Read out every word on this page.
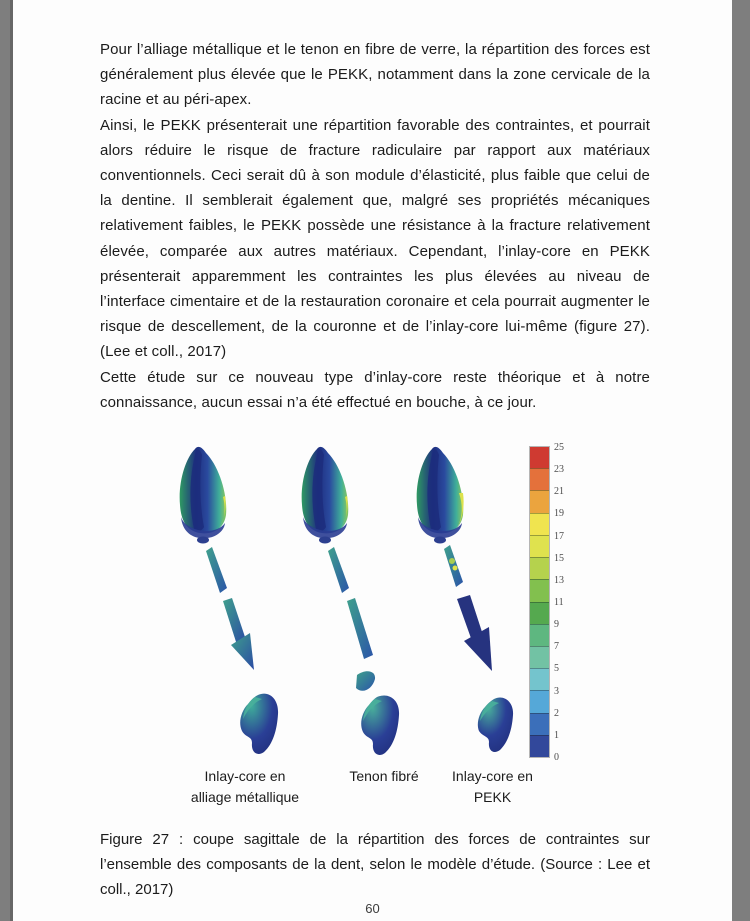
Pour l’alliage métallique et le tenon en fibre de verre, la répartition des forces est généralement plus élevée que le PEKK, notamment dans la zone cervicale de la racine et au péri-apex.

Ainsi, le PEKK présenterait une répartition favorable des contraintes, et pourrait alors réduire le risque de fracture radiculaire par rapport aux matériaux conventionnels. Ceci serait dû à son module d’élasticité, plus faible que celui de la dentine. Il semblerait également que, malgré ses propriétés mécaniques relativement faibles, le PEKK possède une résistance à la fracture relativement élevée, comparée aux autres matériaux. Cependant, l’inlay-core en PEKK présenterait apparemment les contraintes les plus élevées au niveau de l’interface cimentaire et de la restauration coronaire et cela pourrait augmenter le risque de descellement, de la couronne et de l’inlay-core lui-même (figure 27). (Lee et coll., 2017)

Cette étude sur ce nouveau type d’inlay-core reste théorique et à notre connaissance, aucun essai n’a été effectué en bouche, à ce jour.

25
23
21
19
17
15
13
11
9
7
5
3
2
1
0
Inlay-core en
alliage métallique
Tenon fibré	Inlay-core en
PEKK

Figure 27 : coupe sagittale de la répartition des forces de contraintes sur l’ensemble des composants de la dent, selon le modèle d’étude. (Source : Lee et coll., 2017)

60
